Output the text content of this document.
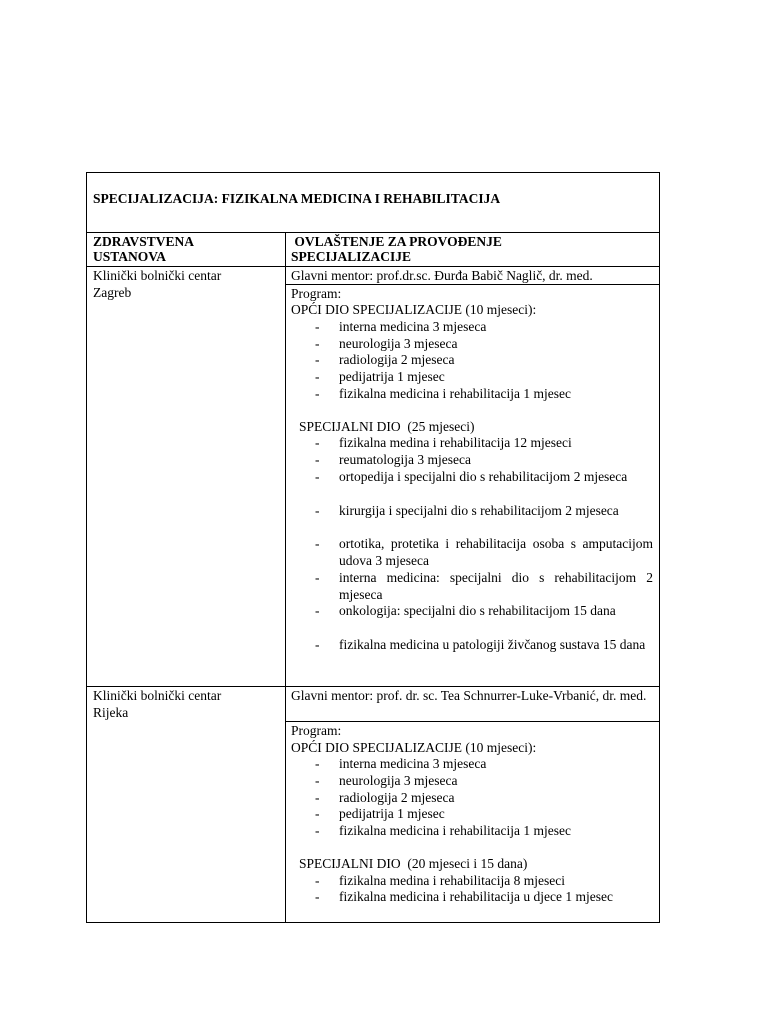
SPECIJALIZACIJA: FIZIKALNA MEDICINA I REHABILITACIJA
ZDRAVSTVENA
USTANOVA
OVLAŠTENJE ZA PROVOĐENJE
SPECIJALIZACIJE
Klinički bolnički centar
Zagreb
Glavni mentor: prof.dr.sc. Đurđa Babič Naglič, dr. med.
Program:
OPĆI DIO SPECIJALIZACIJE (10 mjeseci):
- interna medicina 3 mjeseca
- neurologija 3 mjeseca
- radiologija 2 mjeseca
- pedijatrija 1 mjesec
- fizikalna medicina i rehabilitacija 1 mjesec
SPECIJALNI DIO  (25 mjeseci)
- fizikalna medina i rehabilitacija 12 mjeseci
- reumatologija 3 mjeseca
- ortopedija i specijalni dio s rehabilitacijom 2 mjeseca
- kirurgija i specijalni dio s rehabilitacijom 2 mjeseca
- ortotika, protetika i rehabilitacija osoba s amputacijom udova 3 mjeseca
- interna medicina: specijalni dio s rehabilitacijom 2 mjeseca
- onkologija: specijalni dio s rehabilitacijom 15 dana
- fizikalna medicina u patologiji živčanog sustava 15 dana
Klinički bolnički centar
Rijeka
Glavni mentor: prof. dr. sc. Tea Schnurrer-Luke-Vrbanić, dr. med.
Program:
OPĆI DIO SPECIJALIZACIJE (10 mjeseci):
- interna medicina 3 mjeseca
- neurologija 3 mjeseca
- radiologija 2 mjeseca
- pedijatrija 1 mjesec
- fizikalna medicina i rehabilitacija 1 mjesec
SPECIJALNI DIO  (20 mjeseci i 15 dana)
- fizikalna medina i rehabilitacija 8 mjeseci
- fizikalna medicina i rehabilitacija u djece 1 mjesec
